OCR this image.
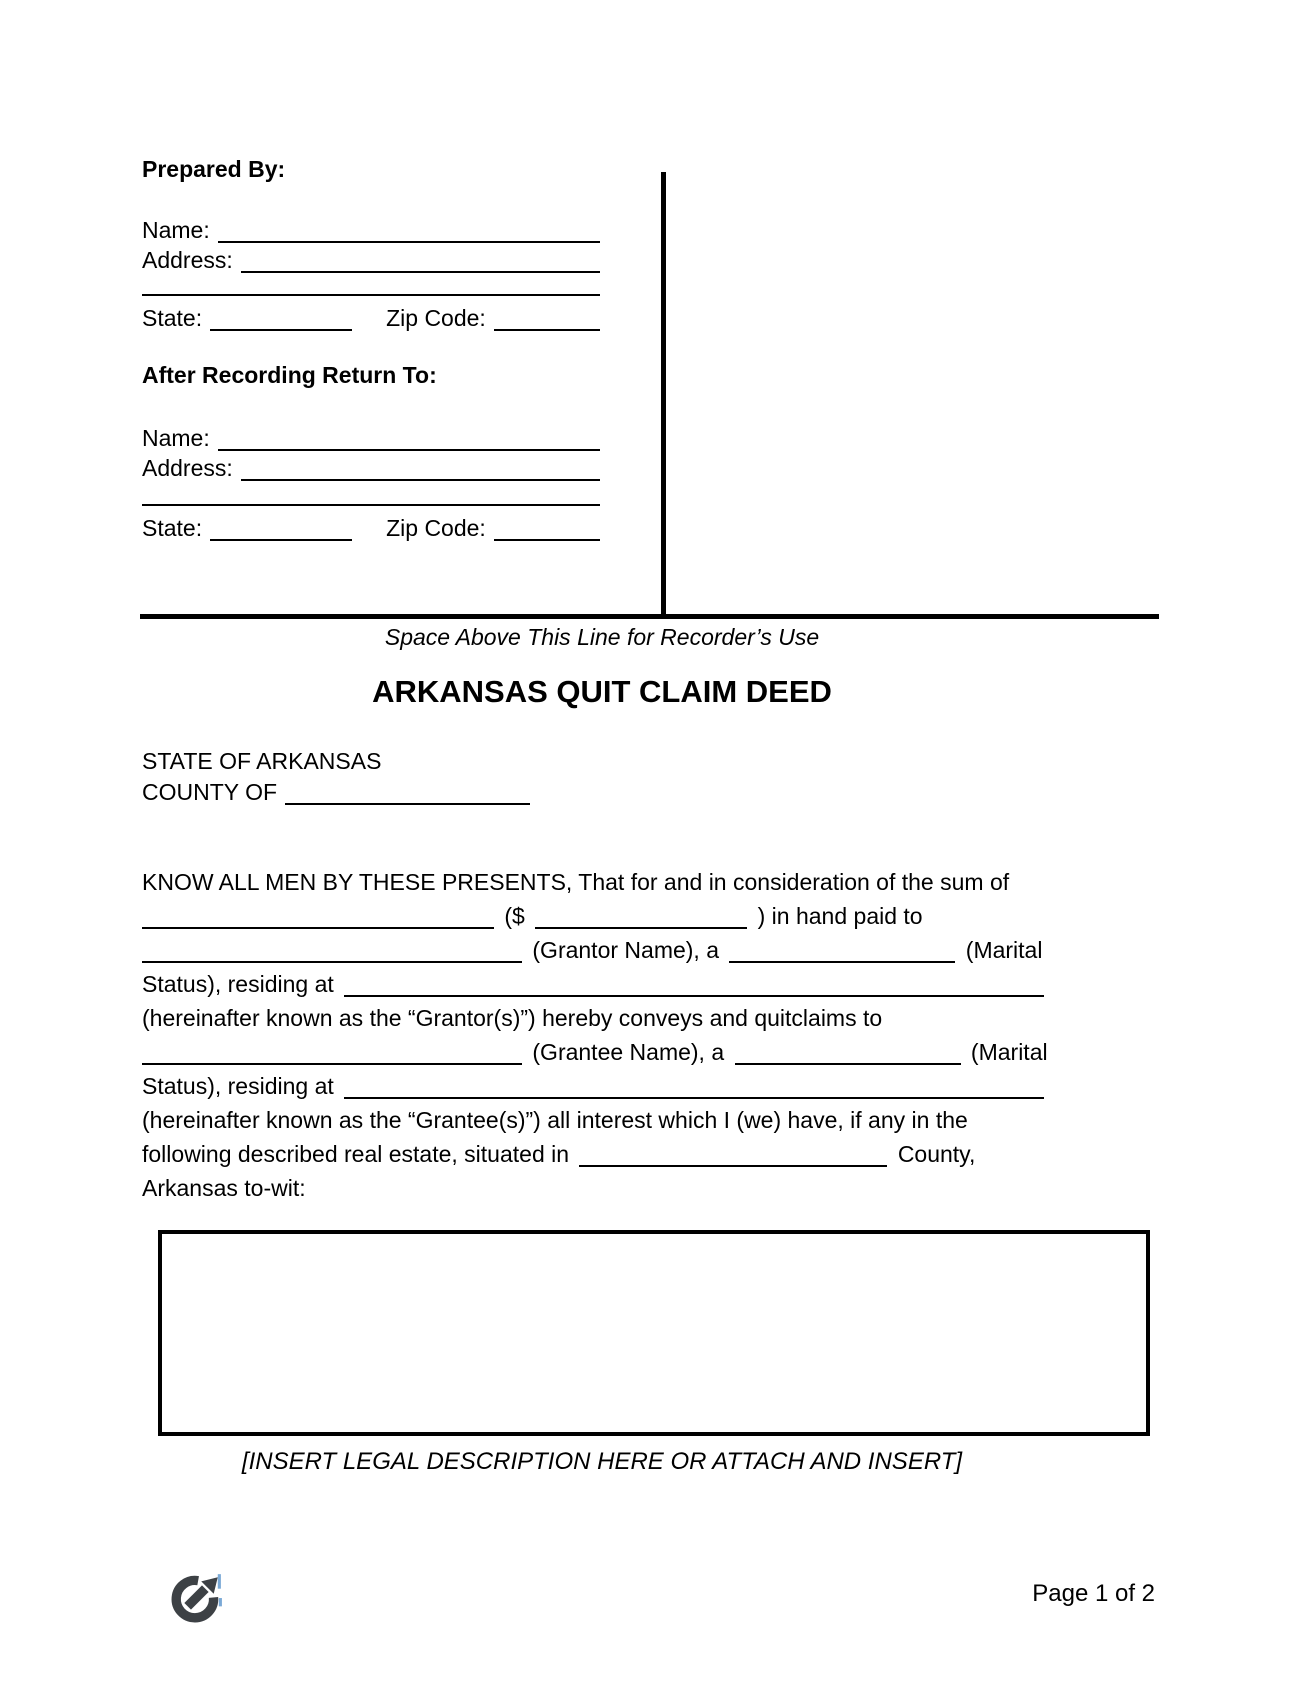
Prepared By:
Name:
Address:
State:	Zip Code:
After Recording Return To:
Name:
Address:
State:	Zip Code:
Space Above This Line for Recorder’s Use
ARKANSAS QUIT CLAIM DEED
STATE OF ARKANSAS
COUNTY OF
KNOW ALL MEN BY THESE PRESENTS, That for and in consideration of the sum of
($	) in hand paid to
(Grantor Name), a	(Marital
Status), residing at
(hereinafter known as the “Grantor(s)”) hereby conveys and quitclaims to
(Grantee Name), a	(Marital
Status), residing at
(hereinafter known as the “Grantee(s)”) all interest which I (we) have, if any in the
following described real estate, situated in	County,
Arkansas to-wit:
[INSERT LEGAL DESCRIPTION HERE OR ATTACH AND INSERT]
Page 1 of 2
